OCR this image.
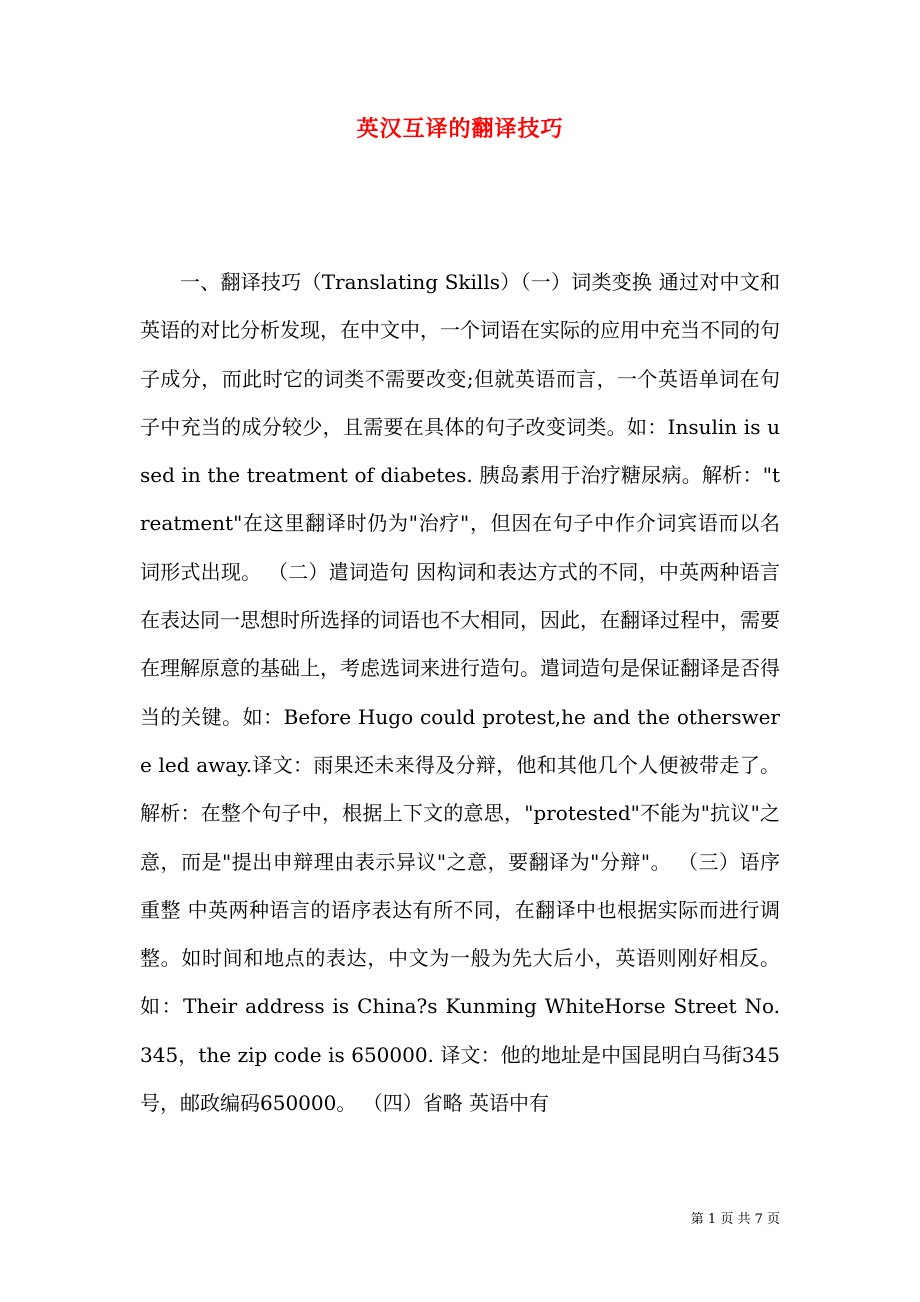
英汉互译的翻译技巧

一、翻译技巧（Translating Skills）（一）词类变换 通过对中文和英语的对比分析发现，在中文中，一个词语在实际的应用中充当不同的句子成分，而此时它的词类不需要改变;但就英语而言，一个英语单词在句子中充当的成分较少，且需要在具体的句子改变词类。如：Insulin is used in the treatment of diabetes. 胰岛素用于治疗糖尿病。解析："treatment"在这里翻译时仍为"治疗"，但因在句子中作介词宾语而以名词形式出现。 （二）遣词造句 因构词和表达方式的不同，中英两种语言在表达同一思想时所选择的词语也不大相同，因此，在翻译过程中，需要在理解原意的基础上，考虑选词来进行造句。遣词造句是保证翻译是否得当的关键。如：Before Hugo could protest,he and the otherswere led away.译文：雨果还未来得及分辩，他和其他几个人便被带走了。解析：在整个句子中，根据上下文的意思，"protested"不能为"抗议"之意，而是"提出申辩理由表示异议"之意，要翻译为"分辩"。 （三）语序重整 中英两种语言的语序表达有所不同，在翻译中也根据实际而进行调整。如时间和地点的表达，中文为一般为先大后小，英语则刚好相反。如：Their address is China?s Kunming WhiteHorse Street No. 345，the zip code is 650000. 译文：他的地址是中国昆明白马街345号，邮政编码650000。 （四）省略 英语中有

第 1 页 共 7 页
